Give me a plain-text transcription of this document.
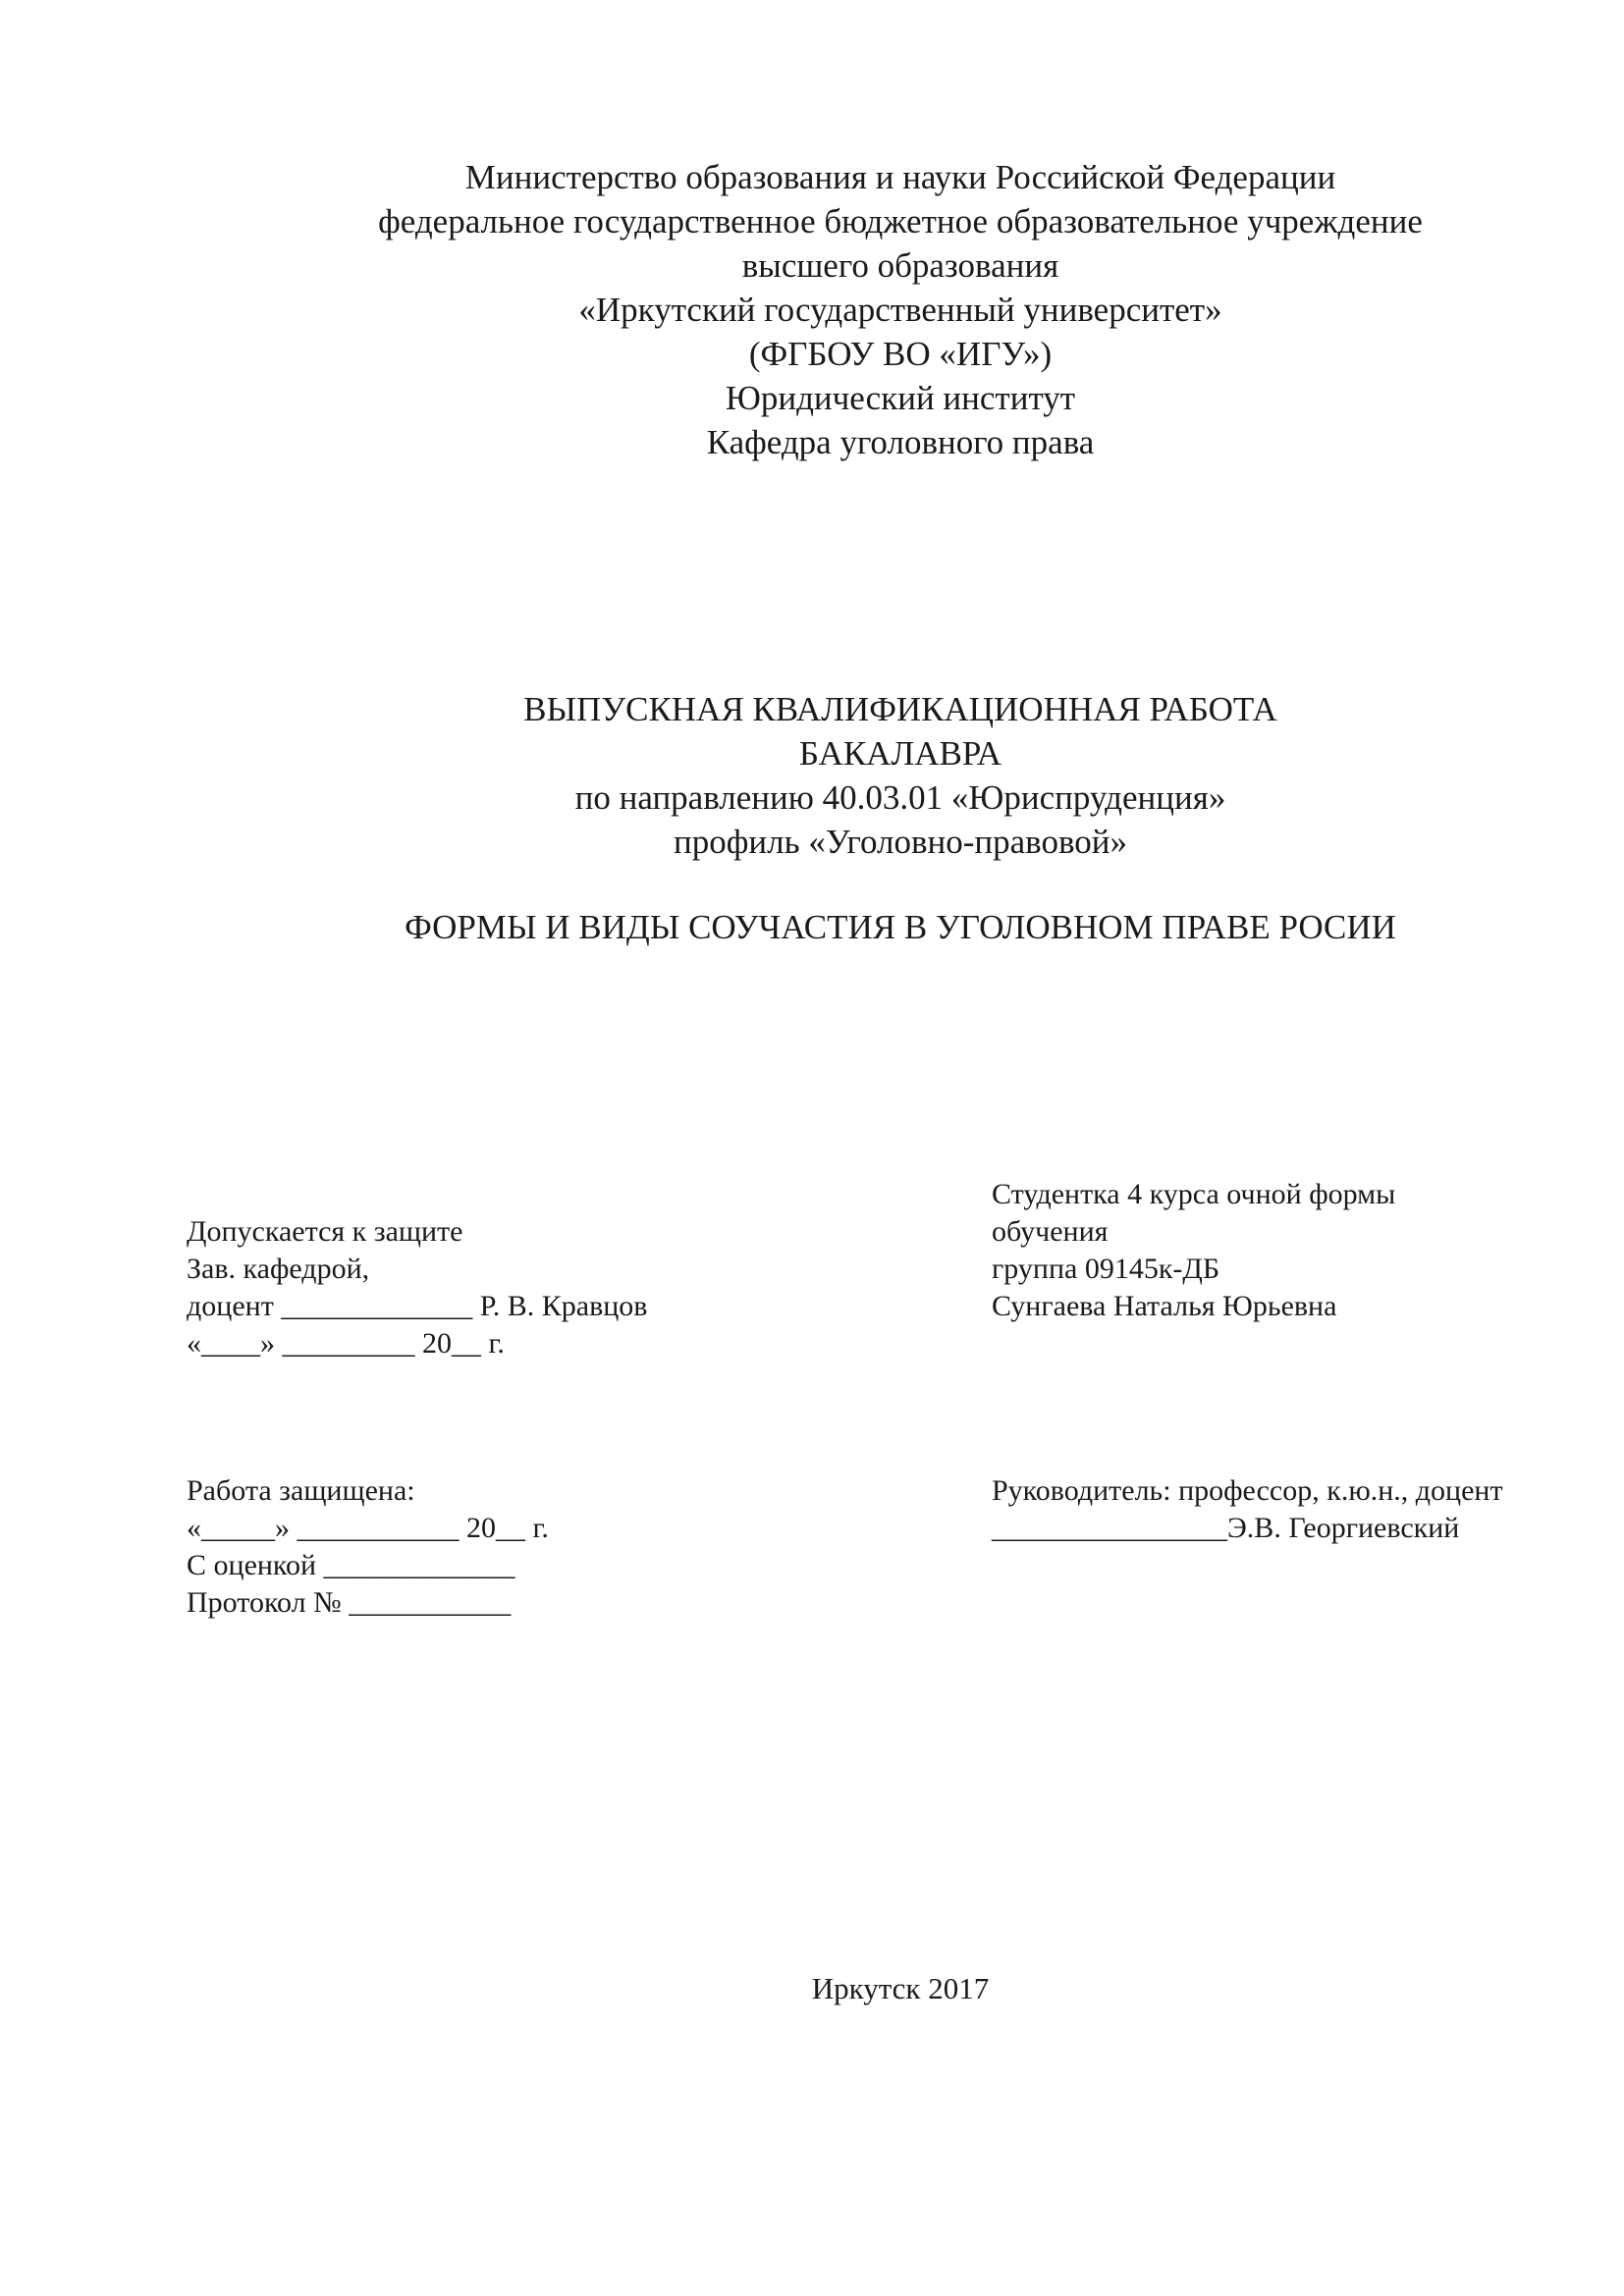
Министерство образования и науки Российской Федерации
федеральное государственное бюджетное образовательное учреждение
высшего образования
«Иркутский государственный университет»
(ФГБОУ ВО «ИГУ»)
Юридический институт
Кафедра уголовного права
ВЫПУСКНАЯ КВАЛИФИКАЦИОННАЯ РАБОТА
БАКАЛАВРА
по направлению 40.03.01 «Юриспруденция»
профиль «Уголовно-правовой»
ФОРМЫ И ВИДЫ СОУЧАСТИЯ В УГОЛОВНОМ ПРАВЕ РОСИИ
Допускается к защите
Зав. кафедрой,
доцент _____________ Р. В. Кравцов
«____» _________ 20__ г.
Студентка 4 курса очной формы
обучения
группа 09145к-ДБ
Сунгаева Наталья Юрьевна
Работа защищена:
«_____» ___________ 20__ г.
С оценкой _____________
Протокол № ___________
Руководитель: профессор, к.ю.н., доцент
________________Э.В. Георгиевский
Иркутск 2017
